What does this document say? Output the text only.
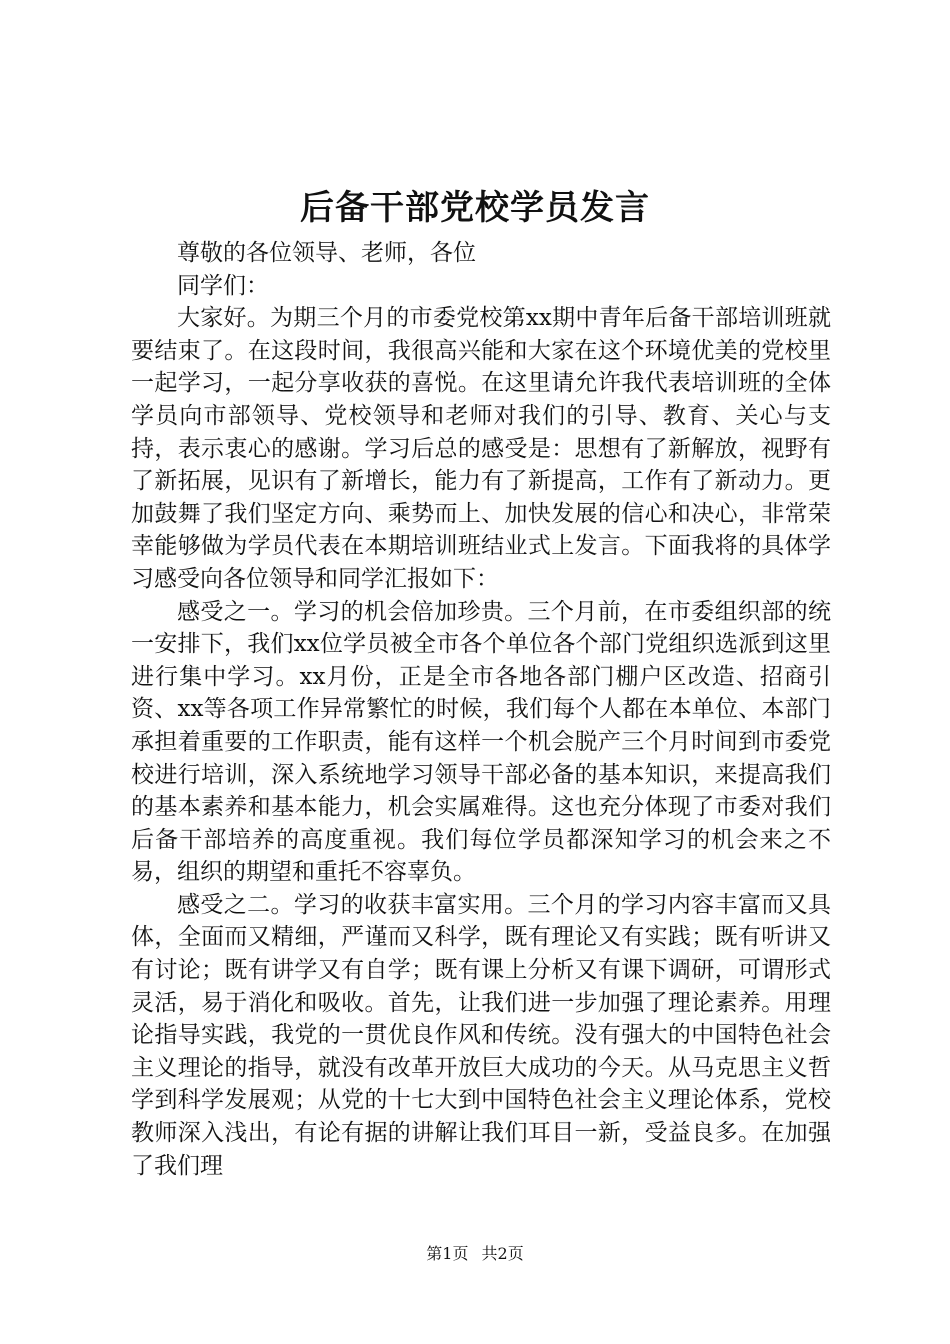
后备干部党校学员发言

尊敬的各位领导、老师，各位

同学们：

大家好。为期三个月的市委党校第xx期中青年后备干部培训班就要结束了。在这段时间，我很高兴能和大家在这个环境优美的党校里一起学习，一起分享收获的喜悦。在这里请允许我代表培训班的全体学员向市部领导、党校领导和老师对我们的引导、教育、关心与支持，表示衷心的感谢。学习后总的感受是：思想有了新解放，视野有了新拓展，见识有了新增长，能力有了新提高，工作有了新动力。更加鼓舞了我们坚定方向、乘势而上、加快发展的信心和决心，非常荣幸能够做为学员代表在本期培训班结业式上发言。下面我将的具体学习感受向各位领导和同学汇报如下：

感受之一。学习的机会倍加珍贵。三个月前，在市委组织部的统一安排下，我们xx位学员被全市各个单位各个部门党组织选派到这里进行集中学习。xx月份，正是全市各地各部门棚户区改造、招商引资、xx等各项工作异常繁忙的时候，我们每个人都在本单位、本部门承担着重要的工作职责，能有这样一个机会脱产三个月时间到市委党校进行培训，深入系统地学习领导干部必备的基本知识，来提高我们的基本素养和基本能力，机会实属难得。这也充分体现了市委对我们后备干部培养的高度重视。我们每位学员都深知学习的机会来之不易，组织的期望和重托不容辜负。

感受之二。学习的收获丰富实用。三个月的学习内容丰富而又具体，全面而又精细，严谨而又科学，既有理论又有实践；既有听讲又有讨论；既有讲学又有自学；既有课上分析又有课下调研，可谓形式灵活，易于消化和吸收。首先，让我们进一步加强了理论素养。用理论指导实践，我党的一贯优良作风和传统。没有强大的中国特色社会主义理论的指导，就没有改革开放巨大成功的今天。从马克思主义哲学到科学发展观；从党的十七大到中国特色社会主义理论体系，党校教师深入浅出，有论有据的讲解让我们耳目一新，受益良多。在加强了我们理

第1页 共2页
